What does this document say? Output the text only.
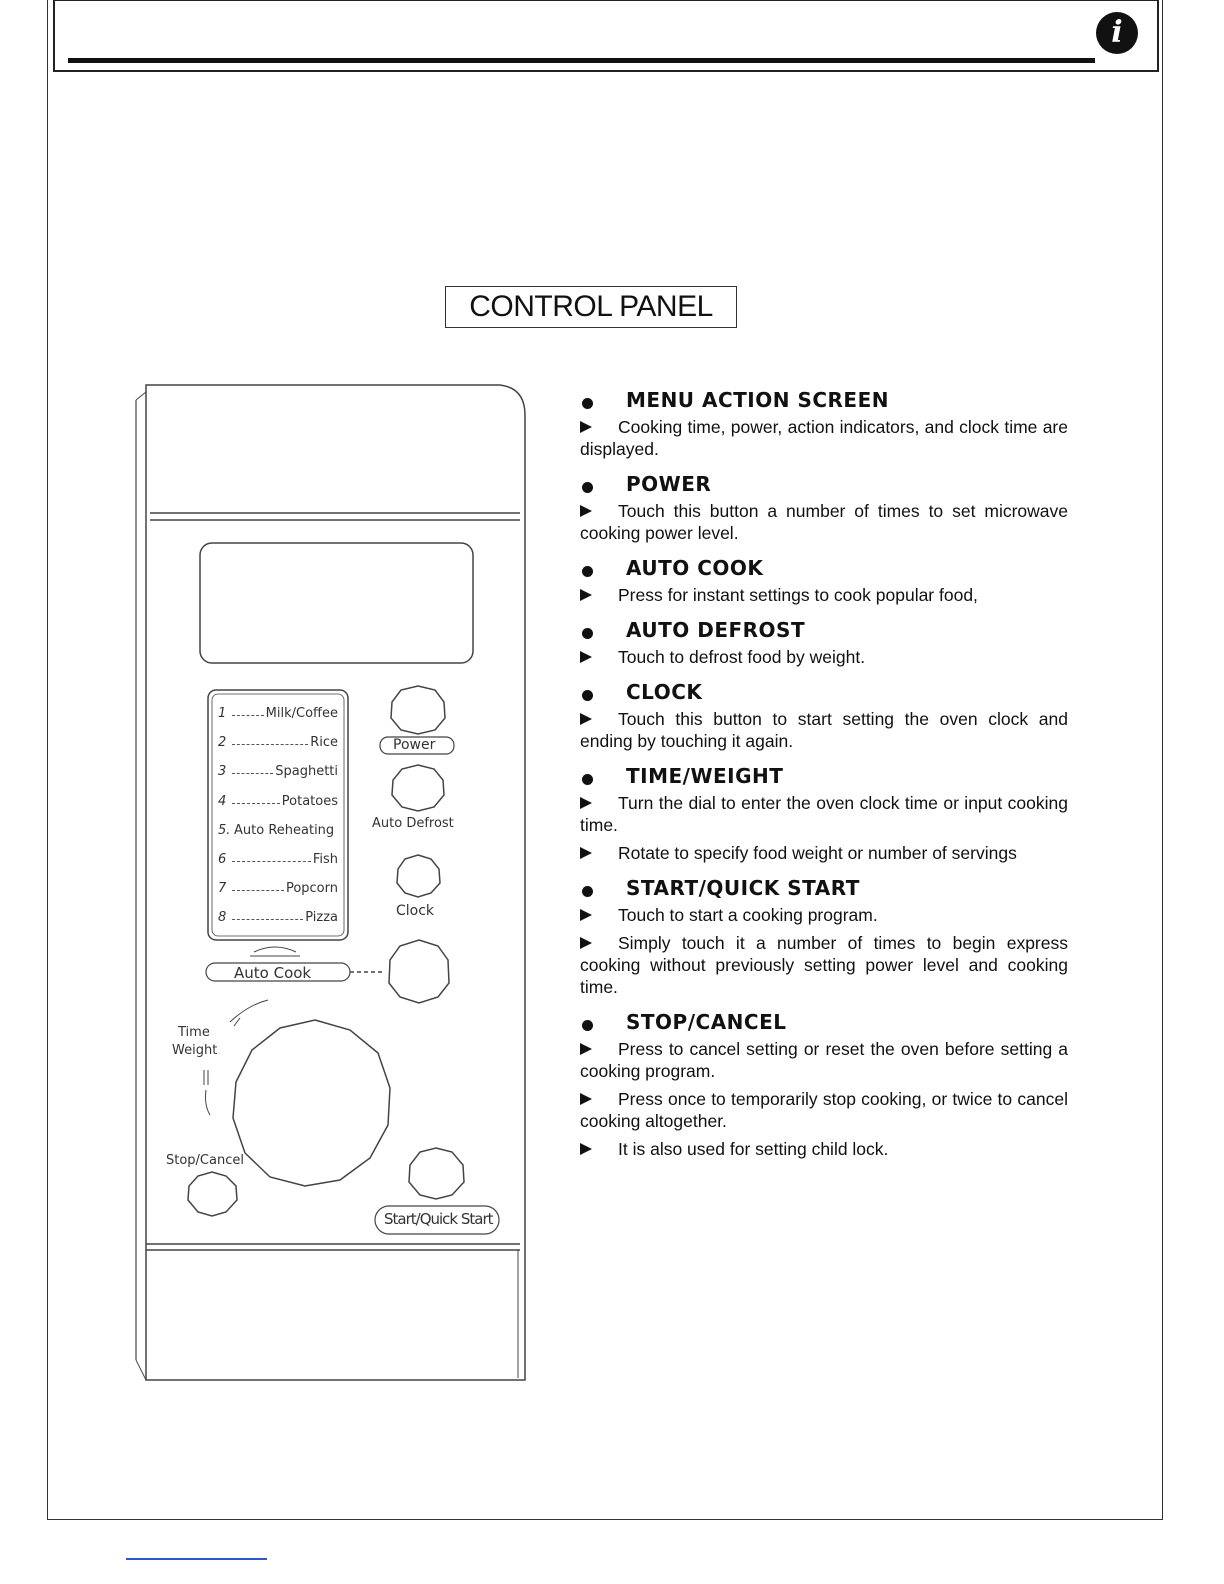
i
CONTROL PANEL
1	Milk/Coffee
2	Rice
3	Spaghetti
4	Potatoes
5. Auto Reheating
6	Fish
7	Popcorn
8	Pizza
Power
Auto Defrost
Clock
Auto Cook
Time
Weight
Stop/Cancel
Start/Quick Start
MENU ACTION SCREEN
Cooking time, power, action indicators, and clock time are displayed.
POWER
Touch this button a number of times to set microwave cooking power level.
AUTO COOK
Press for instant settings to cook popular food,
AUTO DEFROST
Touch to defrost food by weight.
CLOCK
Touch this button to start setting the oven clock and ending by touching it again.
TIME/WEIGHT
Turn the dial to enter the oven clock time or input cooking time.
Rotate to specify food weight or number of servings
START/QUICK START
Touch to start a cooking program.
Simply touch it a number of times to begin express cooking without previously setting power level and cooking time.
STOP/CANCEL
Press to cancel setting or reset the oven before setting a cooking program.
Press once to temporarily stop cooking, or twice to cancel cooking altogether.
It is also used for setting child lock.
